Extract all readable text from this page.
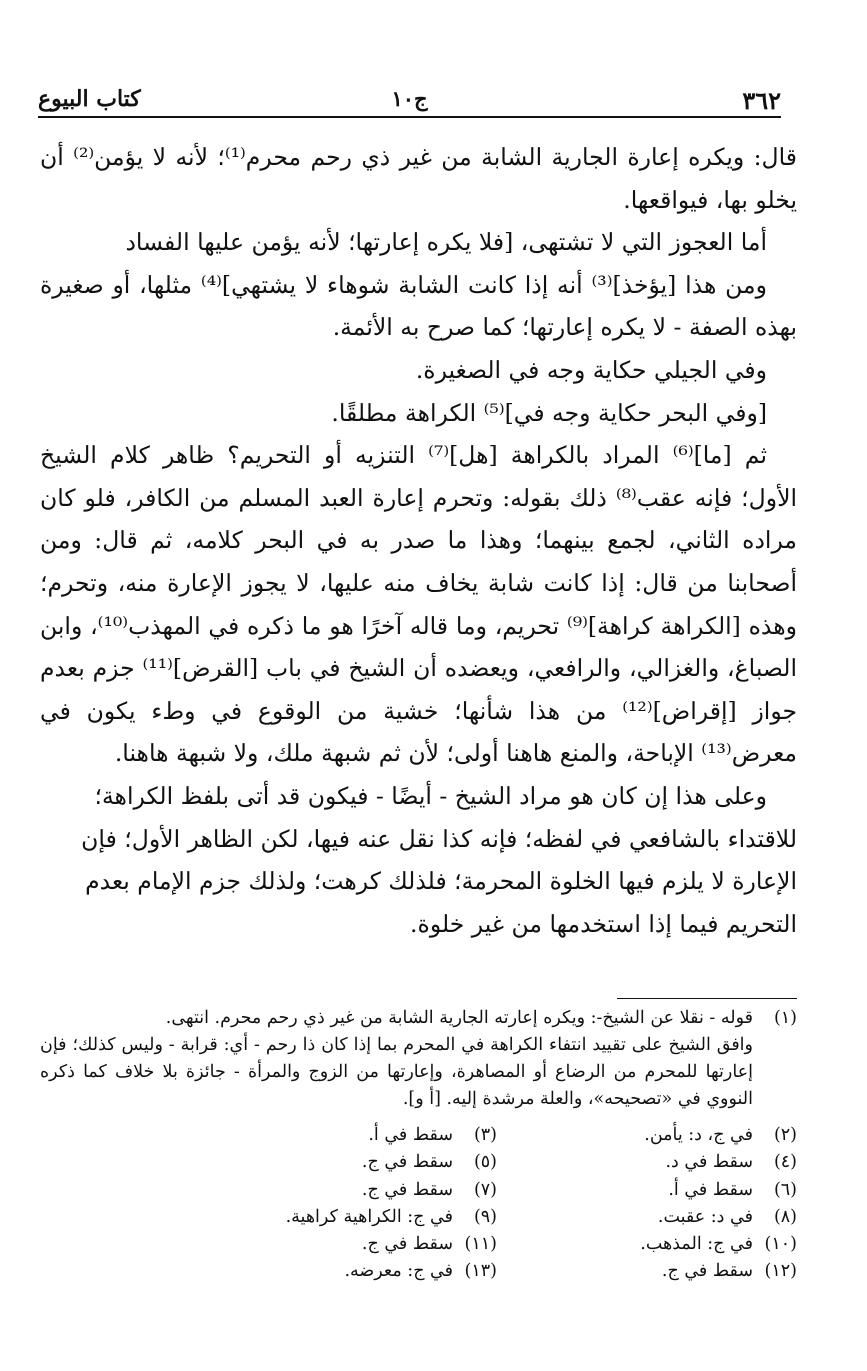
٣٦٢
ج١٠
كتاب البيوع

قال: ويكره إعارة الجارية الشابة من غير ذي رحم محرم⁽¹⁾؛ لأنه لا يؤمن⁽²⁾ أن يخلو بها، فيواقعها.

أما العجوز التي لا تشتهى، [فلا يكره إعارتها؛ لأنه يؤمن عليها الفساد

ومن هذا [يؤخذ]⁽³⁾ أنه إذا كانت الشابة شوهاء لا يشتهي]⁽⁴⁾ مثلها، أو صغيرة بهذه الصفة - لا يكره إعارتها؛ كما صرح به الأئمة.

وفي الجيلي حكاية وجه في الصغيرة.

[وفي البحر حكاية وجه في]⁽⁵⁾ الكراهة مطلقًا.

ثم [ما]⁽⁶⁾ المراد بالكراهة [هل]⁽⁷⁾ التنزيه أو التحريم؟ ظاهر كلام الشيخ الأول؛ فإنه عقب⁽⁸⁾ ذلك بقوله: وتحرم إعارة العبد المسلم من الكافر، فلو كان مراده الثاني، لجمع بينهما؛ وهذا ما صدر به في البحر كلامه، ثم قال: ومن أصحابنا من قال: إذا كانت شابة يخاف منه عليها، لا يجوز الإعارة منه، وتحرم؛ وهذه [الكراهة كراهة]⁽⁹⁾ تحريم، وما قاله آخرًا هو ما ذكره في المهذب⁽¹⁰⁾، وابن الصباغ، والغزالي، والرافعي، ويعضده أن الشيخ في باب [القرض]⁽¹¹⁾ جزم بعدم جواز [إقراض]⁽¹²⁾ من هذا شأنها؛ خشية من الوقوع في وطء يكون في معرض⁽¹³⁾ الإباحة، والمنع هاهنا أولى؛ لأن ثم شبهة ملك، ولا شبهة هاهنا.

وعلى هذا إن كان هو مراد الشيخ - أيضًا - فيكون قد أتى بلفظ الكراهة؛ للاقتداء بالشافعي في لفظه؛ فإنه كذا نقل عنه فيها، لكن الظاهر الأول؛ فإن الإعارة لا يلزم فيها الخلوة المحرمة؛ فلذلك كرهت؛ ولذلك جزم الإمام بعدم التحريم فيما إذا استخدمها من غير خلوة.

(١)قوله - نقلا عن الشيخ-: ويكره إعارته الجارية الشابة من غير ذي رحم محرم. انتهى.
وافق الشيخ على تقييد انتفاء الكراهة في المحرم بما إذا كان ذا رحم - أي: قرابة - وليس كذلك؛ فإن إعارتها للمحرم من الرضاع أو المصاهرة، وإعارتها من الزوج والمرأة - جائزة بلا خلاف كما ذكره النووي في «تصحيحه»، والعلة مرشدة إليه. [أ و].
(٢)في ج، د: يأمن.
(٣)سقط في أ.
(٤)سقط في د.
(٥)سقط في ج.
(٦)سقط في أ.
(٧)سقط في ج.
(٨)في د: عقبت.
(٩)في ج: الكراهية كراهية.
(١٠)في ج: المذهب.
(١١)سقط في ج.
(١٢)سقط في ج.
(١٣)في ج: معرضه.
